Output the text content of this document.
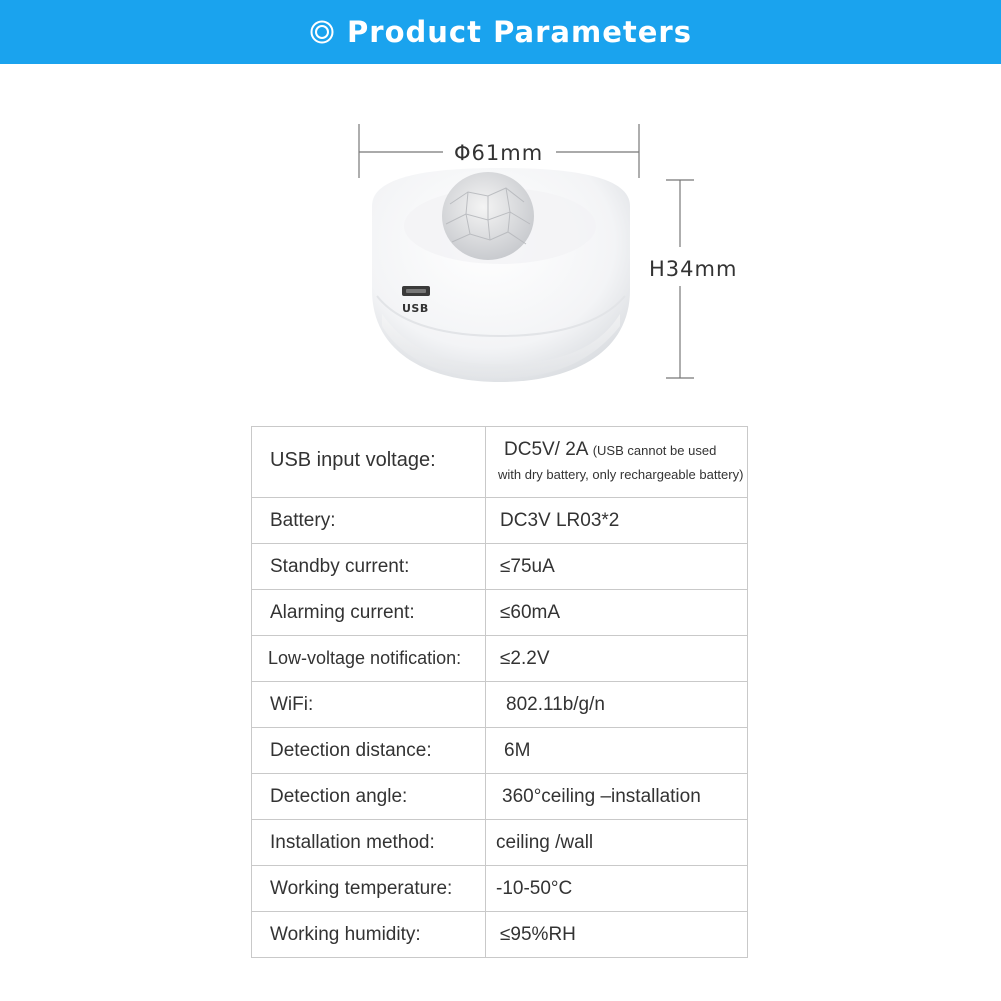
Product Parameters
Φ61mm
H34mm
USB
USB input voltage:	DC5V/ 2A (USB cannot be used
with dry battery, only rechargeable battery)

Battery:	DC3V LR03*2
Standby current:	≤75uA
Alarming current:	≤60mA
Low-voltage notification:	≤2.2V
WiFi:	802.11b/g/n
Detection distance:	6M
Detection angle:	360°ceiling –installation
Installation method:	ceiling /wall
Working temperature:	-10-50°C
Working humidity:	≤95%RH
